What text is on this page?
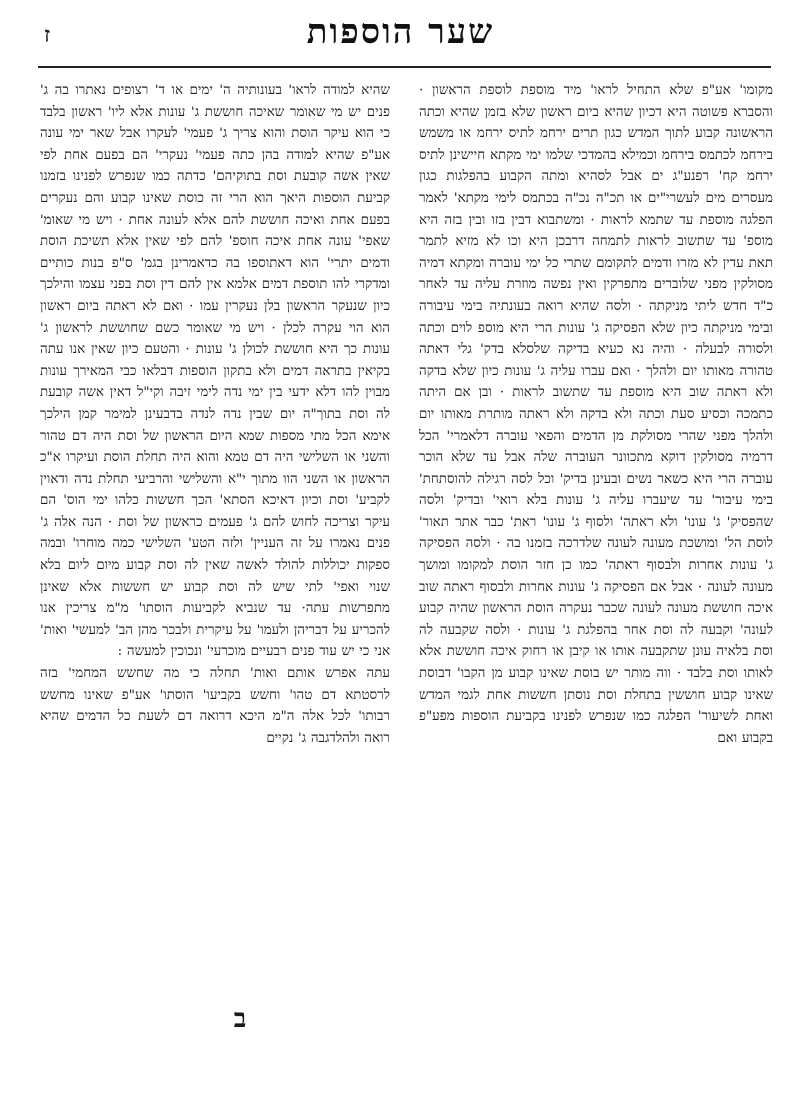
שער הוספות
ז

מקומו' אע"פ שלא התחיל לראו' מיד מוספת לוספת הראשון · והסברא פשוטה היא דכיון שהיא ביום ראשון שלא בזמן שהיא וכתה הראשונה קבוע לתוך המדש כגון תרים ירחמ לתיס ירחמ או משמש בירחמ לכתמס בירחמ וכמילא בהמדכי שלמו ימי מקתא חיישינן לתיס ירחמ קח' רפנע"ג ים אבל לסהיא ומתה הקבוע בהפלגות כגון מעסרים מים לעשרי"ים או תכ"ה נכ"ה בכתמס לימי מקתא' לאמר הפלגה מוספת עד שתמא לראות · ומשתבוא דבין בזו ובין בזה היא מוספ' עד שתשוב לראות לתמחה דרבכן היא וכו לא מזיא לתמר תאת עדין לא מזרו ודמים לתקומם שתרי כל ימי עוברה ומקתא דמיה מסולקין מפני שלוברים מתפרקין ואין נפשה מוזרת עליה עד לאחר כ"ד חדש ליתי מניקתה · ולסה שהיא רואה בעונתיה בימי עיבורה ובימי מניקתה כיון שלא הפסיקה ג' עונות הרי היא מוספ לוים וכתה ולסורה לבעלה · והיה נא כעיא בדיקה שלסלא בדק' גלי דאתה טהורה מאותו יום ולהלך · ואם עברו עליה ג' עונות כיון שלא בדקה ולא ראתה שוב היא מוספת עד שתשוב לראות · ובן אם היתה כתמכה וכסיע סעת וכתה ולא בדקה ולא ראתה מותרת מאותו יום ולהלך מפני שהרי מסולקת מן הדמים והפאי עוברה דלאמרי' הכל דרמיה מסולקין דוקא מתכוונר העוברה שלה אבל עד שלא הוכר עוברה הרי היא כשאר נשים ובעינן בדיק' וכל לסה רגילה להוסתחת' בימי עיבור' עד שיעברו עליה ג' עונות בלא רואי' ובדיק' ולסה שהפסיק' ג' עונו' ולא ראתה' ולסוף ג' עונו' ראת' כבר אתר תאור' לוסת הל' ומושכת מעונה לעונה שלדרכה בזמנו בה · ולסה הפסיקה ג' עונות אחרות ולבסוף ראתה' כמו כן חזר הוסת למקומו ומושך מעונה לעונה · אבל אם הפסיקה ג' עונות אחרות ולבסוף ראתה שוב איכה חוששת מעונה לעונה שכבר נעקרה הוסת הראשון שהיה קבוע לעונה' וקבעה לה וסת אחר בהפלגת ג' עונות · ולסה שקבעה לה וסת בלאיה עונן שתקבעה אותו או קיבן או רחוק איכה חוששת אלא לאותו וסת בלבד · ווה מותר יש בוסת שאינו קבוע מן הקבו' דבוסת שאינו קבוע חוששין בתחלת וסת נוסתן חששות אחת לגמי המדש ואחת לשיעור' הפלגה כמו שנפרש לפנינו בקביעת הוספות מפע"פ בקבוע ואם

שהיא למודה לראו' בעונותיה ה' ימים או ד' רצופים נאתרו בה ג' פנים יש מי שאומר שאיכה חוששת ג' עונות אלא ליו' ראשון בלבד כי הוא עיקר הוסת והוא צריך ג' פעמי' לעקרו אבל שאר ימי עונה אע"פ שהיא למודה בהן כתה פעמי' נעקרי' הם בפעם אחת לפי שאין אשה קובעת וסת בתוקיהם' כדתה כמו שנפרש לפנינו בזמנו קביעת הוספות היאך הוא הרי זה כוסת שאינו קבוע והם נעקרים בפעם אחת ואיכה חוששת להם אלא לעונה אחת · ויש מי שאומ' שאפי' עונה אחת איכה חוספ' להם לפי שאין אלא תשיכת הוסת ודמים יתרי' הוא דאתוספו בה כדאמרינן בגמ' ס"פ בנות כותיים ומדקרי להו תוספת דמים אלמא אין להם דין וסת בפני עצמו והילכך כיון שנעקר הראשון בלן נעקרין עמו · ואם לא ראתה ביום ראשון הוא הוי עקרה לכלן · ויש מי שאומר כשם שחוששת לראשון ג' עונות כך היא חוששת לכולן ג' עונות · והטעם כיון שאין אנו עתה בקיאין בתראה דמים ולא בתקון הוספות דבלאו כבי המאירך עונות מבוין להו דלא ידעי בין ימי נדה לימי זיבה וקי"ל דאין אשה קובעת לה וסת בתוך"ה יום שבין נדה לנדה בדבעינן למימר קמן הילכך אימא הכל מתי מספות שמא היום הראשון של וסת היה דם טהור והשני או השלישי היה דם טמא והוא היה תחלת הוסת ועיקרו א"כ הראשון או השני הוו מתוך י"א והשלישי והרביעי תחלת נדה ודאוין לקביע' וסת וכיון דאיכא הסתא' הכך חששות כלהו ימי הוס' הם עיקר וצריכה לחוש להם ג' פעמים כראשון של וסת · הנה אלה ג' פנים נאמרו על זה העניין' ולזה הטע' השלישי כמה מוחרו' ובמה ספקות יכוללות להולד לאשה שאין לה וסת קבוע מיום ליום בלא שנוי ואפי' לתי שיש לה וסת קבוע יש חששות אלא שאינן מתפרשות עתה· עד שנביא לקביעות הוסתו' מ"מ צריכין אנו להכריע על דבריהן ולעמו' על עיקרית ולבכר מהן הב' למעשי' ואות' אני כי יש עוד פנים רבעיים מוכרעי' ונכוכין למעשה :

עתה אפרש אותם ואות' תחלה כי מה שחשש המחמי' בזה לרסטתא דם טהו' וחשש בקביעו' הוסתו' אע"פ שאינו מחשש רבותו' לכל אלה ה"מ היכא דרואה דם לשעת כל הדמים שהיא רואה ולהלדגבה ג' נקיים

ב
